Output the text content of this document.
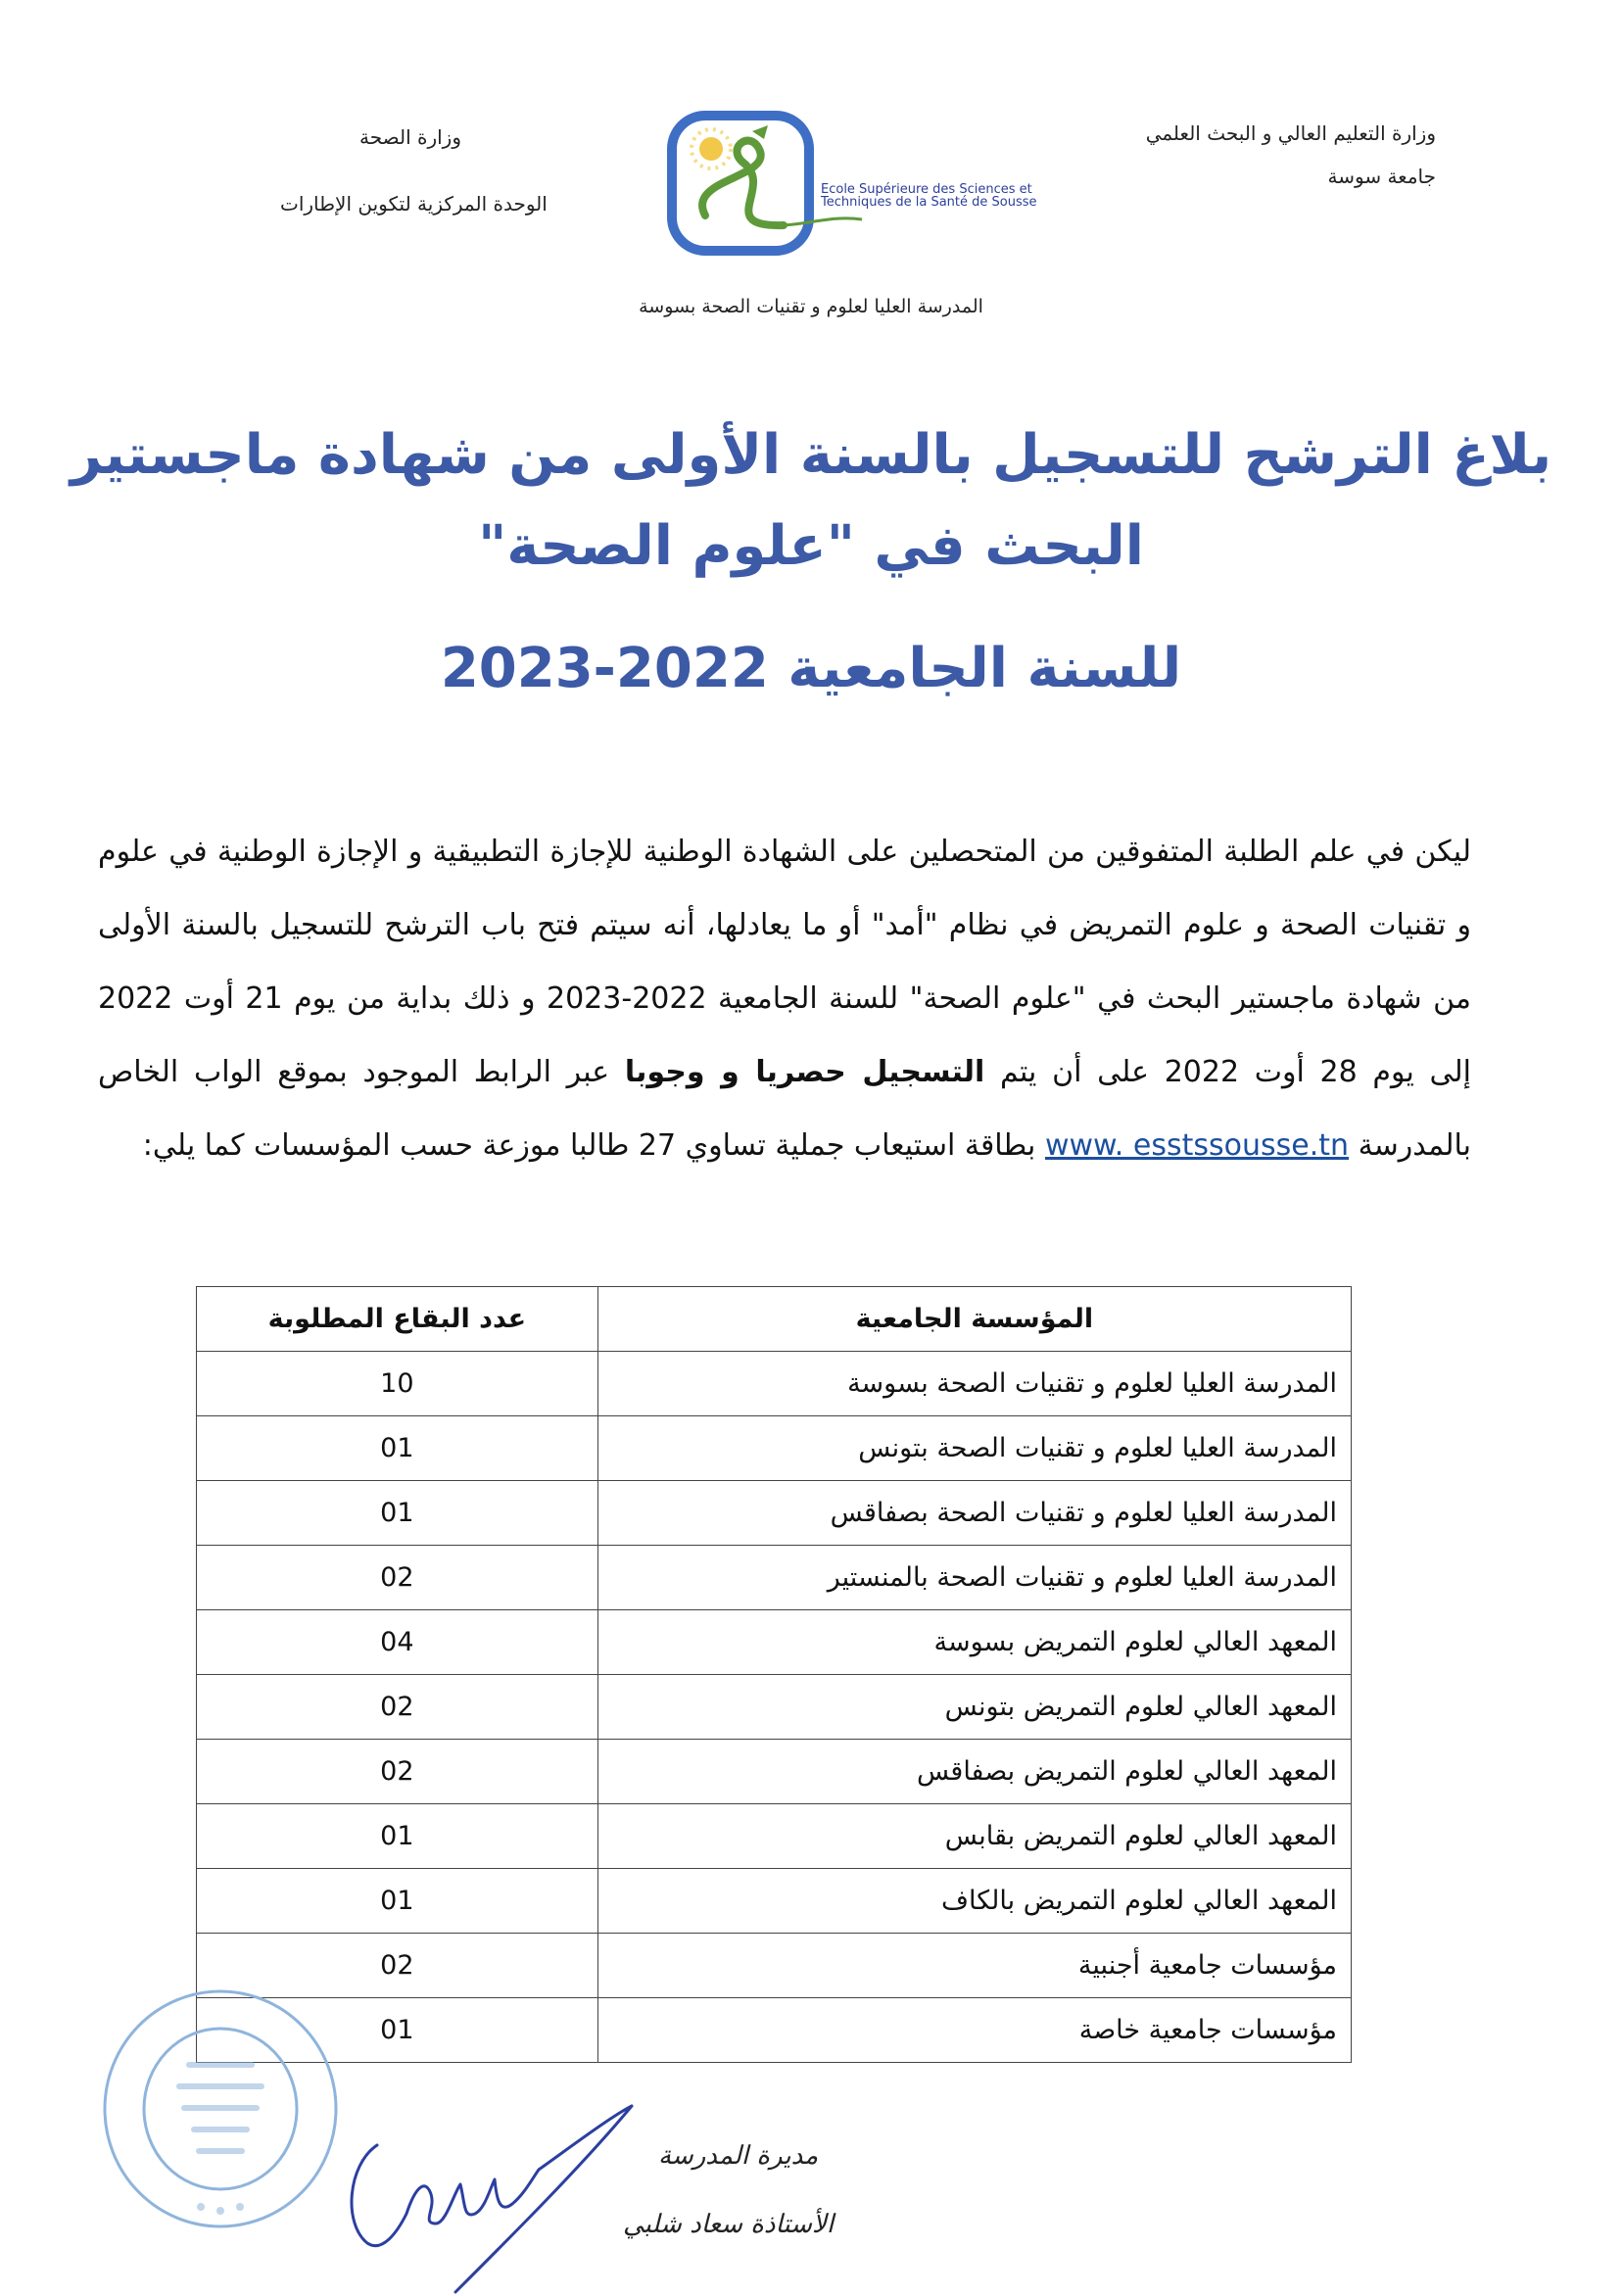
وزارة التعليم العالي و البحث العلمي
جامعة سوسة
وزارة الصحة
الوحدة المركزية لتكوين الإطارات
Ecole Supérieure des Sciences et
Techniques de la Santé de Sousse
المدرسة العليا لعلوم و تقنيات الصحة بسوسة
بلاغ الترشح للتسجيل بالسنة الأولى من شهادة ماجستير
البحث في "علوم الصحة"
للسنة الجامعية 2022-2023
ليكن في علم الطلبة المتفوقين من المتحصلين على الشهادة الوطنية للإجازة التطبيقية و الإجازة الوطنية في علوم و تقنيات الصحة و علوم التمريض في نظام "أمد" أو ما يعادلها، أنه سيتم فتح باب الترشح للتسجيل بالسنة الأولى من شهادة ماجستير البحث في "علوم الصحة" للسنة الجامعية 2022-2023 و ذلك بداية من يوم 21 أوت 2022 إلى يوم 28 أوت 2022 على أن يتم التسجيل حصريا و وجوبا عبر الرابط الموجود بموقع الواب الخاص بالمدرسة www. esstssousse.tn بطاقة استيعاب جملية تساوي 27 طالبا موزعة حسب المؤسسات كما يلي:
المؤسسة الجامعية	عدد البقاع المطلوبة
المدرسة العليا لعلوم و تقنيات الصحة بسوسة	10
المدرسة العليا لعلوم و تقنيات الصحة بتونس	01
المدرسة العليا لعلوم و تقنيات الصحة بصفاقس	01
المدرسة العليا لعلوم و تقنيات الصحة بالمنستير	02
المعهد العالي لعلوم التمريض بسوسة	04
المعهد العالي لعلوم التمريض بتونس	02
المعهد العالي لعلوم التمريض بصفاقس	02
المعهد العالي لعلوم التمريض بقابس	01
المعهد العالي لعلوم التمريض بالكاف	01
مؤسسات جامعية أجنبية	02
مؤسسات جامعية خاصة	01
مديرة المدرسة
الأستاذة سعاد شلبي
